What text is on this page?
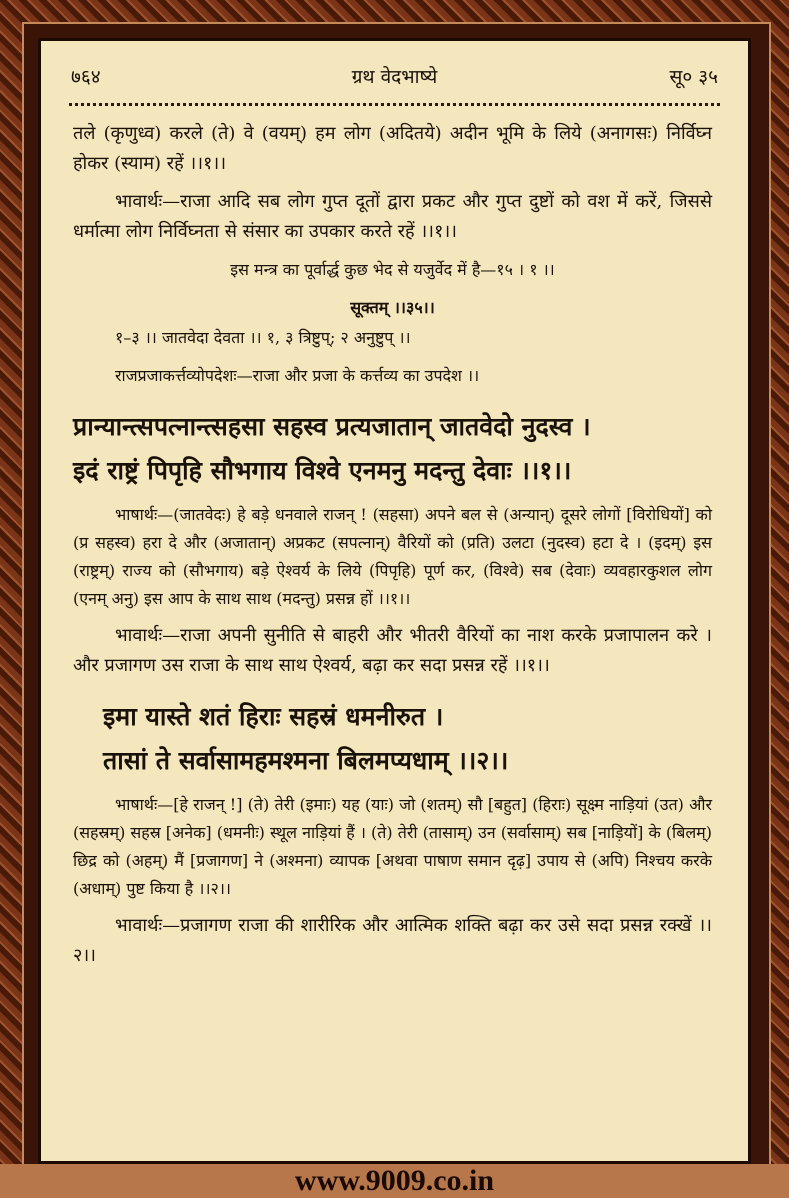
७६४	ग्रथ वेदभाष्ये	सू० ३५

तले (कृणुध्व) करले (ते) वे (वयम्) हम लोग (अदितये) अदीन भूमि के लिये (अनागसः) निर्विघ्न होकर (स्याम) रहें ।।१।।

भावार्थः—राजा आदि सब लोग गुप्त दूतों द्वारा प्रकट और गुप्त दुष्टों को वश में करें, जिससे धर्मात्मा लोग निर्विघ्नता से संसार का उपकार करते रहें ।।१।।

इस मन्त्र का पूर्वार्द्ध कुछ भेद से यजुर्वेद में है—१५ । १ ।।

सूक्तम् ।।३५।।

१–३ ।। जातवेदा देवता ।। १, ३ त्रिष्टुप्; २ अनुष्टुप् ।।

राजप्रजाकर्त्तव्योपदेशः—राजा और प्रजा के कर्त्तव्य का उपदेश ।।

प्रान्यान्त्सपत्नान्त्सहसा सहस्व प्रत्यजातान् जातवेदो नुदस्व ।

इदं राष्ट्रं पिपृहि सौभगाय विश्वे एनमनु मदन्तु देवाः ।।१।।

भाषार्थः—(जातवेदः) हे बड़े धनवाले राजन् ! (सहसा) अपने बल से (अन्यान्) दूसरे लोगों [विरोधियों] को (प्र सहस्व) हरा दे और (अजातान्) अप्रकट (सपत्नान्) वैरियों को (प्रति) उलटा (नुदस्व) हटा दे । (इदम्) इस (राष्ट्रम्) राज्य को (सौभगाय) बड़े ऐश्वर्य के लिये (पिपृहि) पूर्ण कर, (विश्वे) सब (देवाः) व्यवहारकुशल लोग (एनम् अनु) इस आप के साथ साथ (मदन्तु) प्रसन्न हों ।।१।।

भावार्थः—राजा अपनी सुनीति से बाहरी और भीतरी वैरियों का नाश करके प्रजापालन करे । और प्रजागण उस राजा के साथ साथ ऐश्वर्य, बढ़ा कर सदा प्रसन्न रहें ।।१।।

इमा यास्ते शतं हिराः सहस्रं धमनीरुत ।

तासां ते सर्वासामहमश्मना बिलमप्यधाम् ।।२।।

भाषार्थः—[हे राजन् !] (ते) तेरी (इमाः) यह (याः) जो (शतम्) सौ [बहुत] (हिराः) सूक्ष्म नाड़ियां (उत) और (सहस्रम्) सहस्र [अनेक] (धमनीः) स्थूल नाड़ियां हैं । (ते) तेरी (तासाम्) उन (सर्वासाम्) सब [नाड़ियों] के (बिलम्) छिद्र को (अहम्) मैं [प्रजागण] ने (अश्मना) व्यापक [अथवा पाषाण समान दृढ़] उपाय से (अपि) निश्चय करके (अधाम्) पुष्ट किया है ।।२।।

भावार्थः—प्रजागण राजा की शारीरिक और आत्मिक शक्ति बढ़ा कर उसे सदा प्रसन्न रक्खें ।।२।।

www.9009.co.in
